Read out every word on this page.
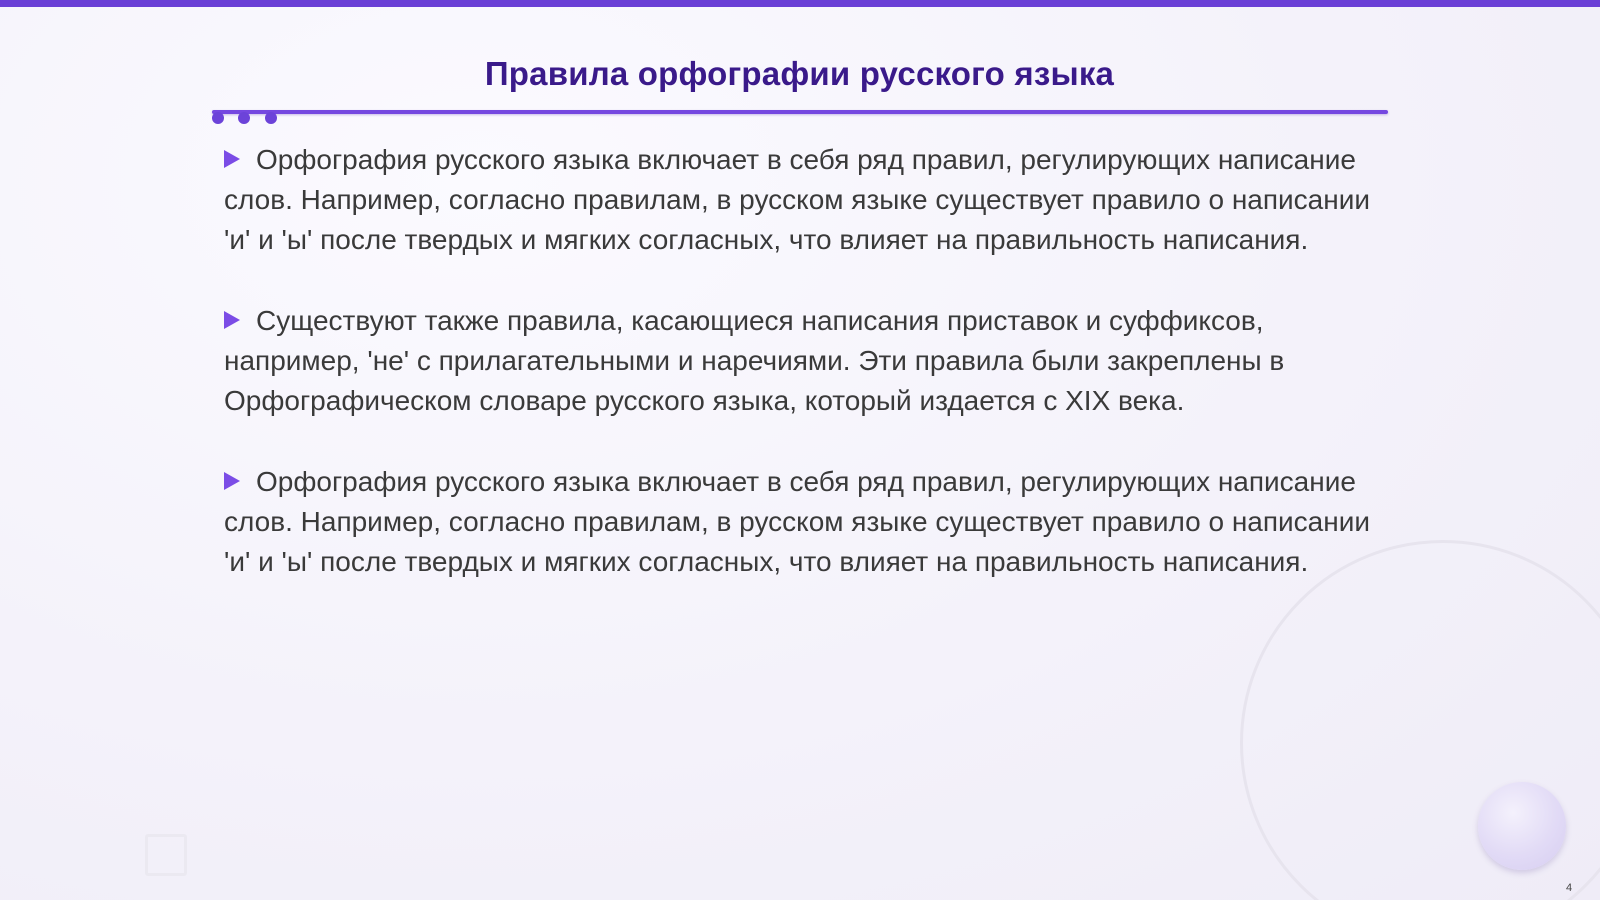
Правила орфографии русского языка

Орфография русского языка включает в себя ряд правил, регулирующих написание слов. Например, согласно правилам, в русском языке существует правило о написании 'и' и 'ы' после твердых и мягких согласных, что влияет на правильность написания.

Существуют также правила, касающиеся написания приставок и суффиксов, например, 'не' с прилагательными и наречиями. Эти правила были закреплены в Орфографическом словаре русского языка, который издается с XIX века.

Орфография русского языка включает в себя ряд правил, регулирующих написание слов. Например, согласно правилам, в русском языке существует правило о написании 'и' и 'ы' после твердых и мягких согласных, что влияет на правильность написания.

4
